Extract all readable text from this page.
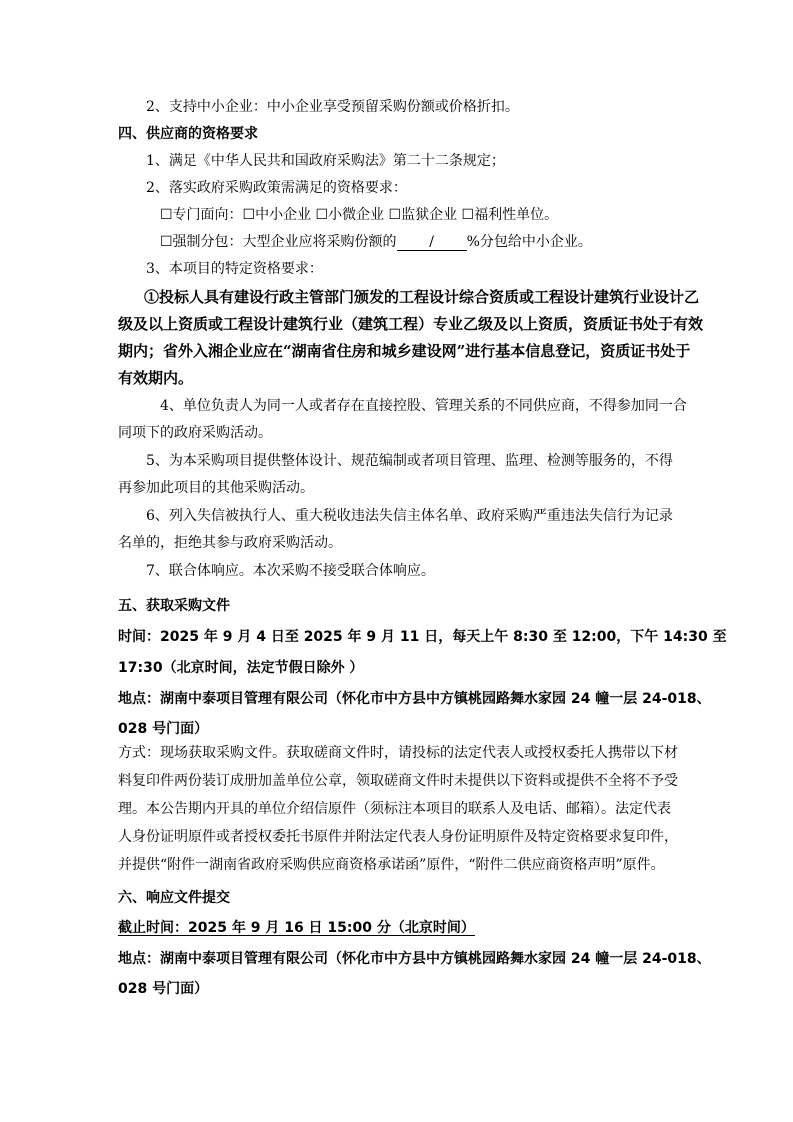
2、支持中小企业：中小企业享受预留采购份额或价格折扣。
四、供应商的资格要求
1、满足《中华人民共和国政府采购法》第二十二条规定；
2、落实政府采购政策需满足的资格要求：
☐专门面向：☐中小企业 ☐小微企业 ☐监狱企业 ☐福利性单位。
☐强制分包：大型企业应将采购份额的 / %分包给中小企业。
3、本项目的特定资格要求：
①投标人具有建设行政主管部门颁发的工程设计综合资质或工程设计建筑行业设计乙
级及以上资质或工程设计建筑行业（建筑工程）专业乙级及以上资质，资质证书处于有效
期内；省外入湘企业应在“湖南省住房和城乡建设网”进行基本信息登记，资质证书处于
有效期内。
4、单位负责人为同一人或者存在直接控股、管理关系的不同供应商，不得参加同一合
同项下的政府采购活动。
5、为本采购项目提供整体设计、规范编制或者项目管理、监理、检测等服务的，不得
再参加此项目的其他采购活动。
6、列入失信被执行人、重大税收违法失信主体名单、政府采购严重违法失信行为记录
名单的，拒绝其参与政府采购活动。
7、联合体响应。本次采购不接受联合体响应。
五、获取采购文件
时间：2025 年 9 月 4 日至 2025 年 9 月 11 日，每天上午 8:30 至 12:00，下午 14:30 至
17:30（北京时间，法定节假日除外 ）
地点：湖南中泰项目管理有限公司（怀化市中方县中方镇桃园路舞水家园 24 幢一层 24-018、
028 号门面）
方式：现场获取采购文件。获取磋商文件时，请投标的法定代表人或授权委托人携带以下材
料复印件两份装订成册加盖单位公章，领取磋商文件时未提供以下资料或提供不全将不予受
理。本公告期内开具的单位介绍信原件（须标注本项目的联系人及电话、邮箱）。法定代表
人身份证明原件或者授权委托书原件并附法定代表人身份证明原件及特定资格要求复印件，
并提供“附件一湖南省政府采购供应商资格承诺函”原件，“附件二供应商资格声明”原件。
六、响应文件提交
截止时间：2025 年 9 月 16 日 15:00 分（北京时间）
地点：湖南中泰项目管理有限公司（怀化市中方县中方镇桃园路舞水家园 24 幢一层 24-018、
028 号门面）
